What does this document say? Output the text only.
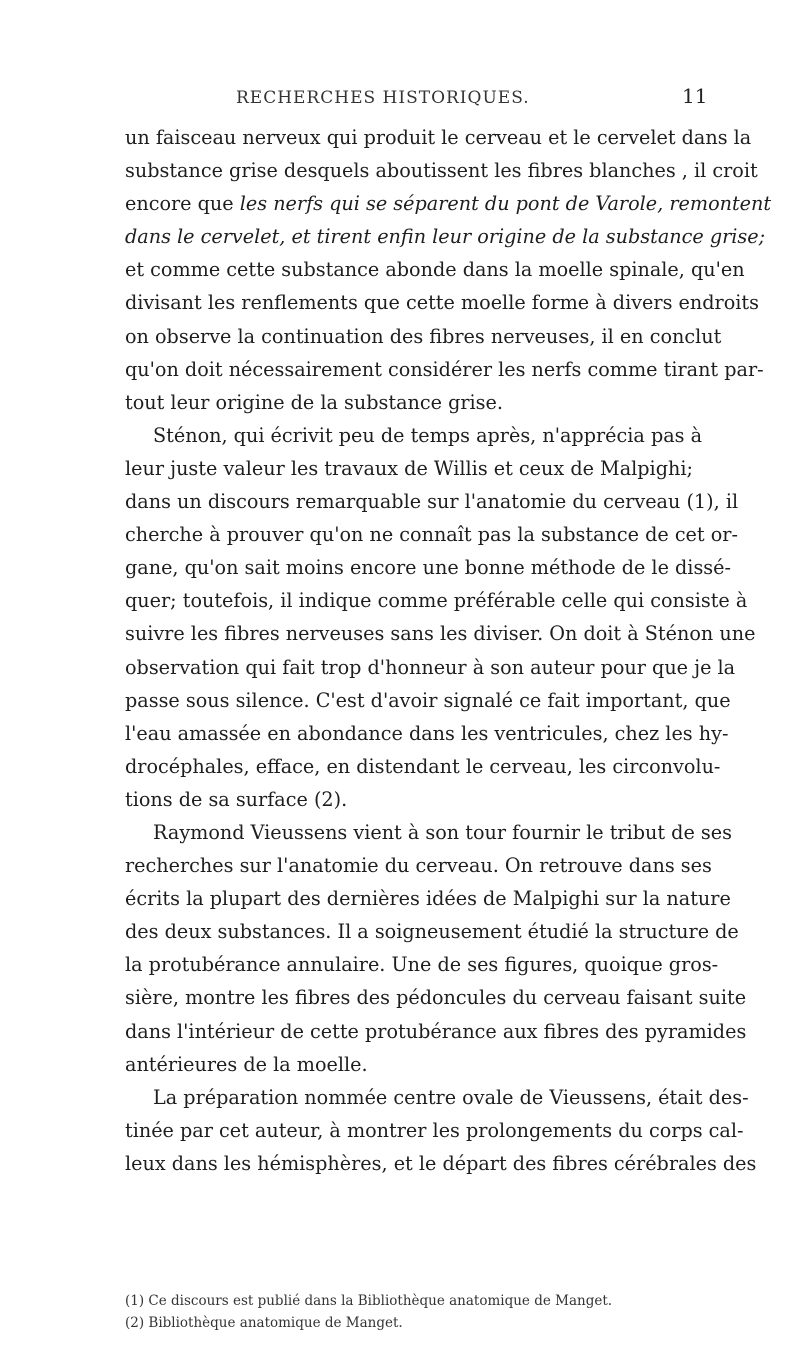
RECHERCHES HISTORIQUES.	11
un faisceau nerveux qui produit le cerveau et le cervelet dans la
substance grise desquels aboutissent les fibres blanches , il croit
encore que les nerfs qui se séparent du pont de Varole, remontent
dans le cervelet, et tirent enfin leur origine de la substance grise;
et comme cette substance abonde dans la moelle spinale, qu'en
divisant les renflements que cette moelle forme à divers endroits
on observe la continuation des fibres nerveuses, il en conclut
qu'on doit nécessairement considérer les nerfs comme tirant par-
tout leur origine de la substance grise.
Sténon, qui écrivit peu de temps après, n'apprécia pas à
leur juste valeur les travaux de Willis et ceux de Malpighi;
dans un discours remarquable sur l'anatomie du cerveau (1), il
cherche à prouver qu'on ne connaît pas la substance de cet or-
gane, qu'on sait moins encore une bonne méthode de le dissé-
quer; toutefois, il indique comme préférable celle qui consiste à
suivre les fibres nerveuses sans les diviser. On doit à Sténon une
observation qui fait trop d'honneur à son auteur pour que je la
passe sous silence. C'est d'avoir signalé ce fait important, que
l'eau amassée en abondance dans les ventricules, chez les hy-
drocéphales, efface, en distendant le cerveau, les circonvolu-
tions de sa surface (2).
Raymond Vieussens vient à son tour fournir le tribut de ses
recherches sur l'anatomie du cerveau. On retrouve dans ses
écrits la plupart des dernières idées de Malpighi sur la nature
des deux substances. Il a soigneusement étudié la structure de
la protubérance annulaire. Une de ses figures, quoique gros-
sière, montre les fibres des pédoncules du cerveau faisant suite
dans l'intérieur de cette protubérance aux fibres des pyramides
antérieures de la moelle.
La préparation nommée centre ovale de Vieussens, était des-
tinée par cet auteur, à montrer les prolongements du corps cal-
leux dans les hémisphères, et le départ des fibres cérébrales des
(1) Ce discours est publié dans la Bibliothèque anatomique de Manget.
(2) Bibliothèque anatomique de Manget.
